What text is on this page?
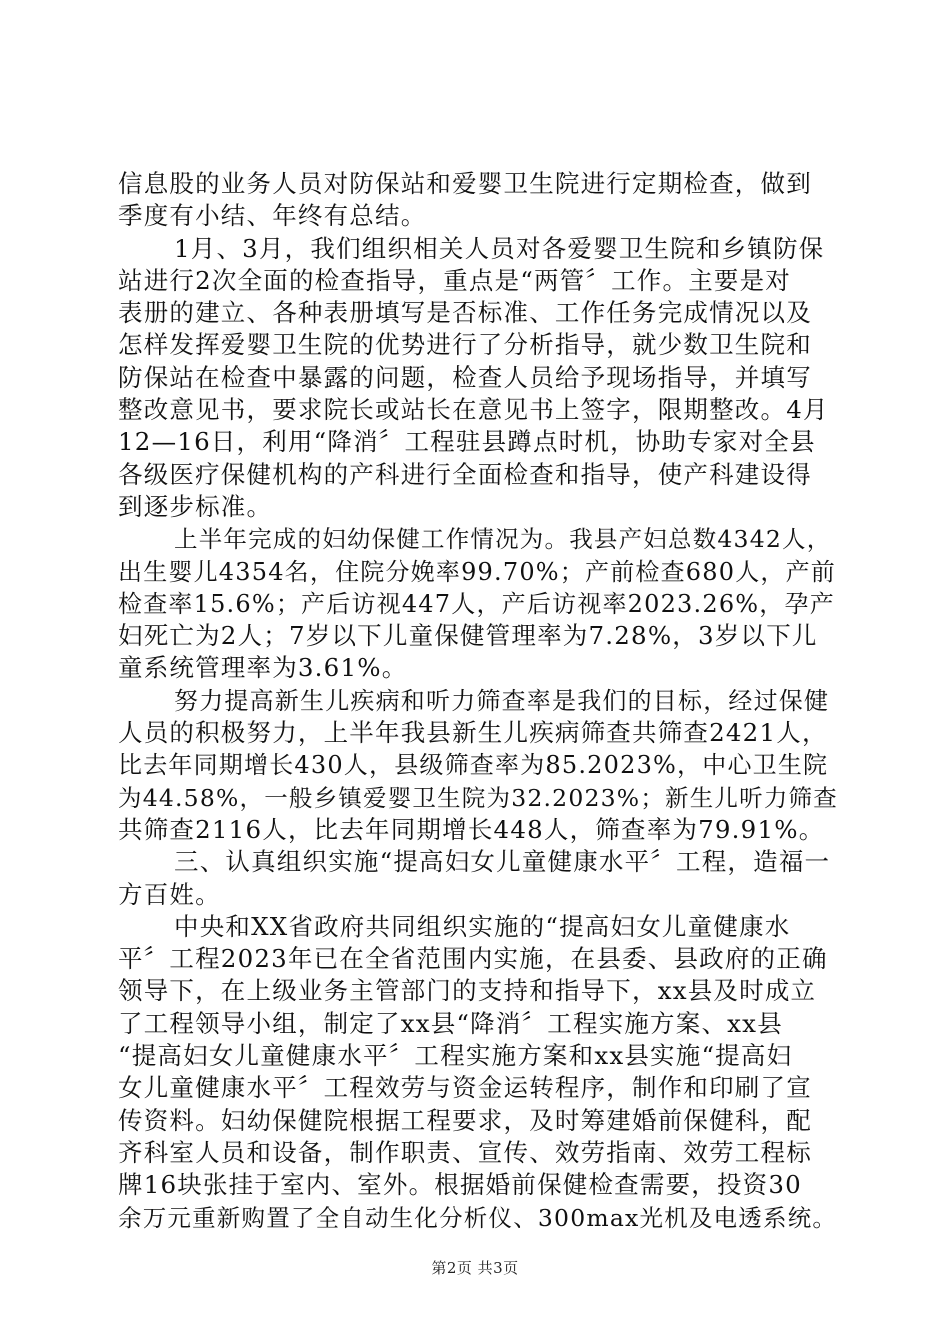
信息股的业务人员对防保站和爱婴卫生院进行定期检查，做到
季度有小结、年终有总结。
1月、3月，我们组织相关人员对各爱婴卫生院和乡镇防保
站进行2次全面的检查指导，重点是“两管〞工作。主要是对
表册的建立、各种表册填写是否标准、工作任务完成情况以及
怎样发挥爱婴卫生院的优势进行了分析指导，就少数卫生院和
防保站在检查中暴露的问题，检查人员给予现场指导，并填写
整改意见书，要求院长或站长在意见书上签字，限期整改。4月
12—16日，利用“降消〞工程驻县蹲点时机，协助专家对全县
各级医疗保健机构的产科进行全面检查和指导，使产科建设得
到逐步标准。
上半年完成的妇幼保健工作情况为。我县产妇总数4342人，
出生婴儿4354名，住院分娩率99.70%；产前检查680人，产前
检查率15.6%；产后访视447人，产后访视率2023.26%，孕产
妇死亡为2人；7岁以下儿童保健管理率为7.28%，3岁以下儿
童系统管理率为3.61%。
努力提高新生儿疾病和听力筛查率是我们的目标，经过保健
人员的积极努力，上半年我县新生儿疾病筛查共筛查2421人，
比去年同期增长430人，县级筛查率为85.2023%，中心卫生院
为44.58%，一般乡镇爱婴卫生院为32.2023%；新生儿听力筛查
共筛查2116人，比去年同期增长448人，筛查率为79.91%。
三、认真组织实施“提高妇女儿童健康水平〞工程，造福一
方百姓。
中央和XX省政府共同组织实施的“提高妇女儿童健康水
平〞工程2023年已在全省范围内实施，在县委、县政府的正确
领导下，在上级业务主管部门的支持和指导下，xx县及时成立
了工程领导小组，制定了xx县“降消〞工程实施方案、xx县
“提高妇女儿童健康水平〞工程实施方案和xx县实施“提高妇
女儿童健康水平〞工程效劳与资金运转程序，制作和印刷了宣
传资料。妇幼保健院根据工程要求，及时筹建婚前保健科，配
齐科室人员和设备，制作职责、宣传、效劳指南、效劳工程标
牌16块张挂于室内、室外。根据婚前保健检查需要，投资30
余万元重新购置了全自动生化分析仪、300max光机及电透系统。
第2页 共3页
